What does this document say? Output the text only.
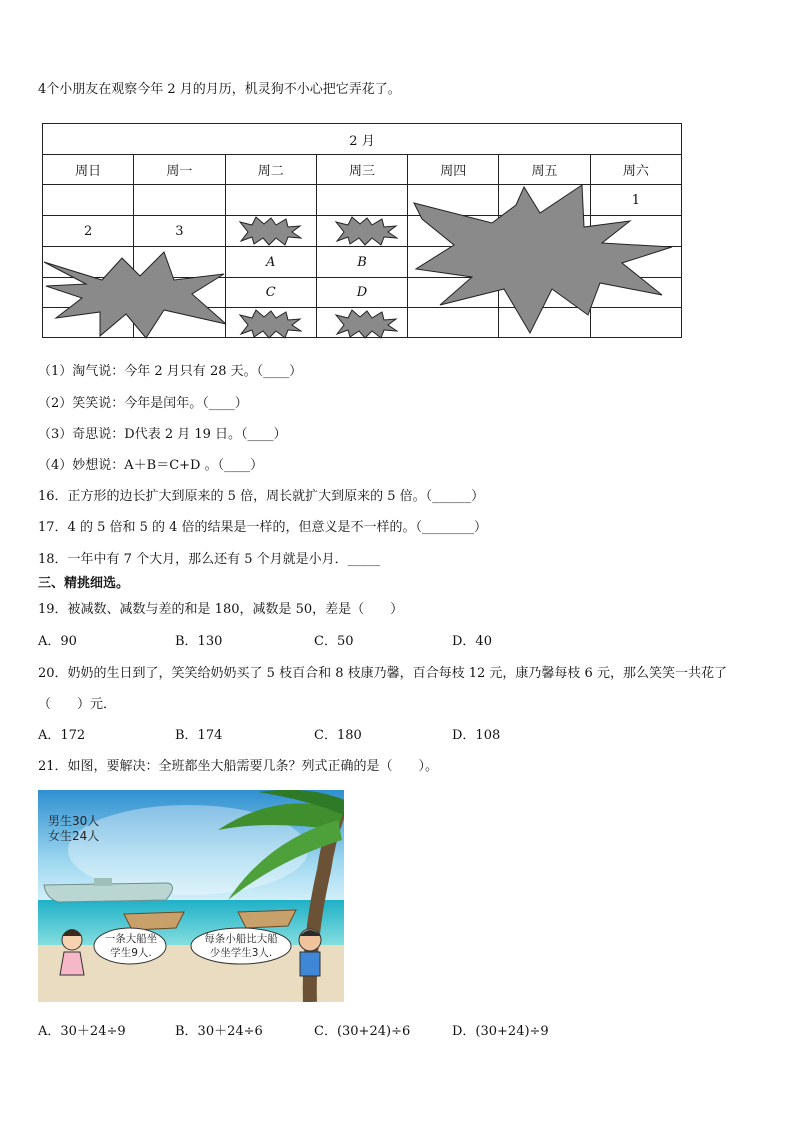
4个小朋友在观察今年 2 月的月历，机灵狗不小心把它弄花了。
2 月						
周日	周一	周二	周三	周四	周五	周六
						1
2	3					
		A	B			
		C	D			

（1）淘气说：今年 2 月只有 28 天。（____）
（2）笑笑说：今年是闰年。（____）
（3）奇思说：D代表 2 月 19 日。（____）
（4）妙想说：A＋B＝C+D 。（____）
16．正方形的边长扩大到原来的 5 倍，周长就扩大到原来的 5 倍。（______）
17．4 的 5 倍和 5 的 4 倍的结果是一样的，但意义是不一样的。（________）
18．一年中有 7 个大月，那么还有 5 个月就是小月．_____
三、精挑细选。
19．被减数、减数与差的和是 180，减数是 50，差是（　　）
A．90	B．130	C．50	D．40
20．奶奶的生日到了，笑笑给奶奶买了 5 枝百合和 8 枝康乃馨，百合每枝 12 元，康乃馨每枝 6 元，那么笑笑一共花了
（　　）元．
A．172	B．174	C．180	D．108
21．如图，要解决：全班都坐大船需要几条？列式正确的是（　　）。
男生30人
女生24人
一条大船坐
学生9人.
每条小船比大船
少坐学生3人.
A．30＋24÷9	B．30＋24÷6	C．(30+24)÷6	D．(30+24)÷9
